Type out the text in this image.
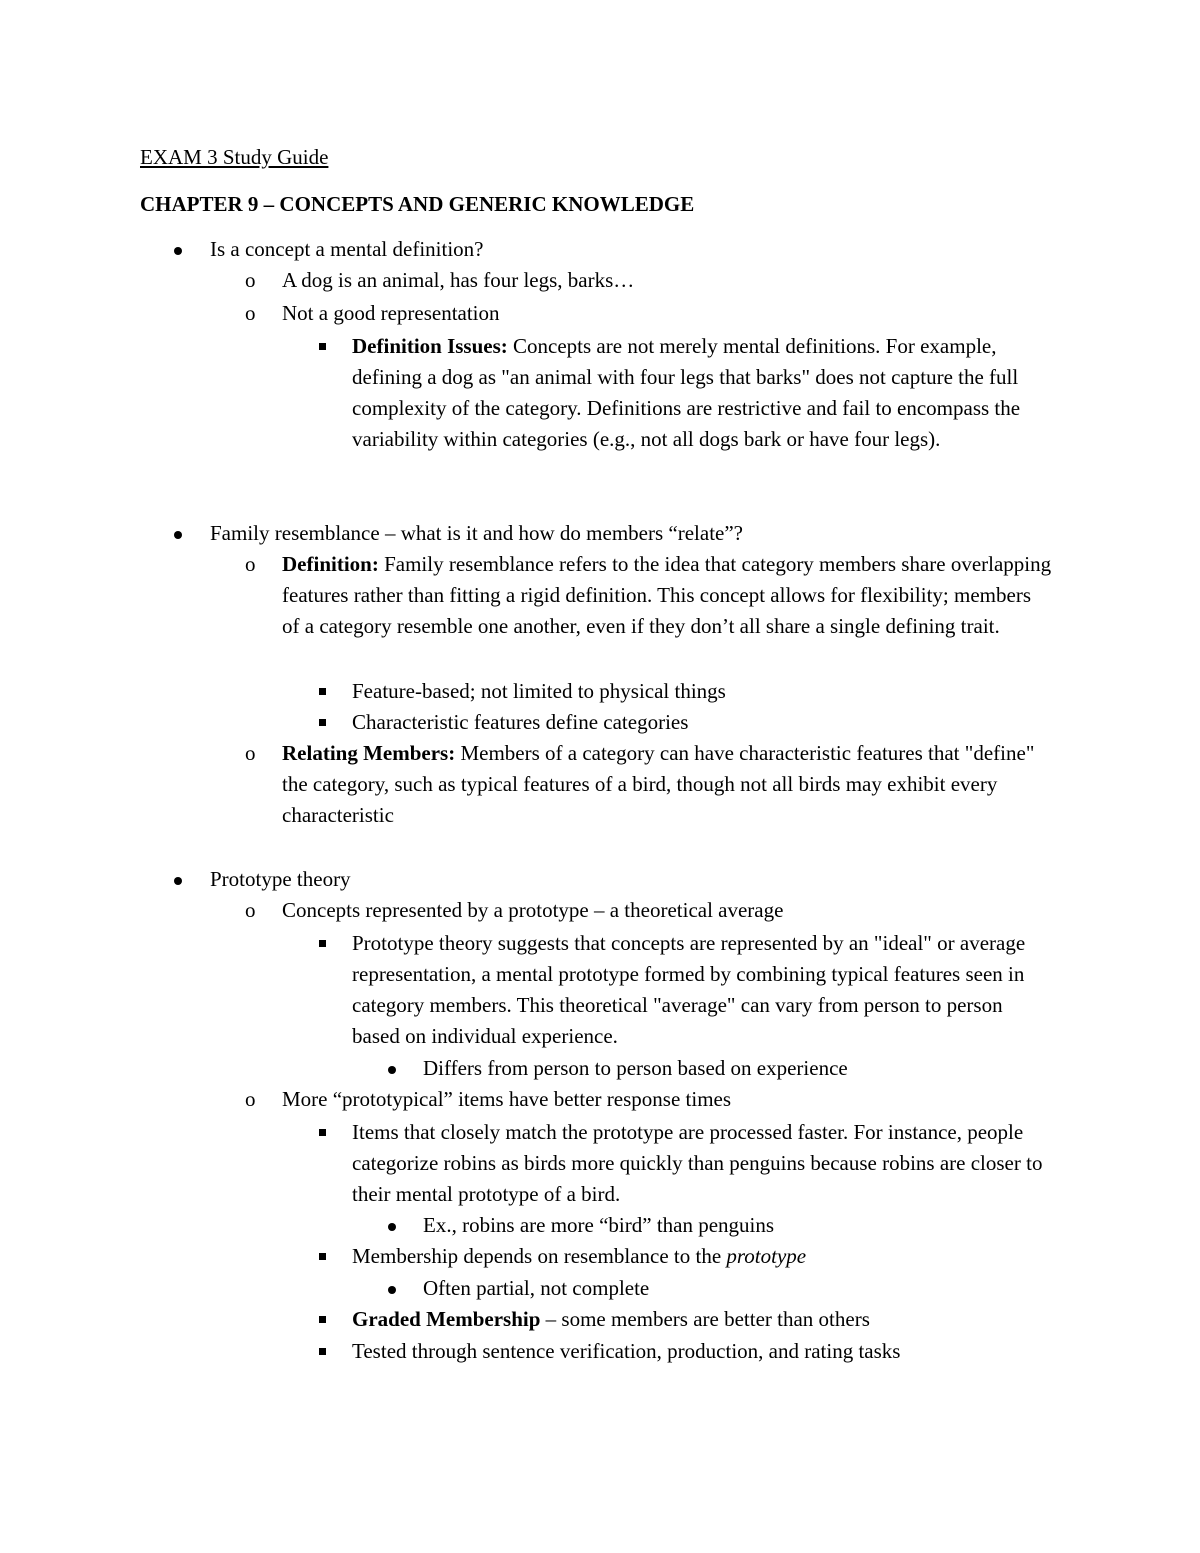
EXAM 3 Study Guide
CHAPTER 9 – CONCEPTS AND GENERIC KNOWLEDGE
Is a concept a mental definition?
o A dog is an animal, has four legs, barks…
o Not a good representation
Definition Issues: Concepts are not merely mental definitions. For example, defining a dog as "an animal with four legs that barks" does not capture the full complexity of the category. Definitions are restrictive and fail to encompass the variability within categories (e.g., not all dogs bark or have four legs).
Family resemblance – what is it and how do members “relate”?
o Definition: Family resemblance refers to the idea that category members share overlapping features rather than fitting a rigid definition. This concept allows for flexibility; members of a category resemble one another, even if they don’t all share a single defining trait.
Feature-based; not limited to physical things
Characteristic features define categories
o Relating Members: Members of a category can have characteristic features that "define" the category, such as typical features of a bird, though not all birds may exhibit every characteristic
Prototype theory
o Concepts represented by a prototype – a theoretical average
Prototype theory suggests that concepts are represented by an "ideal" or average representation, a mental prototype formed by combining typical features seen in category members. This theoretical "average" can vary from person to person based on individual experience.
Differs from person to person based on experience
o More “prototypical” items have better response times
Items that closely match the prototype are processed faster. For instance, people categorize robins as birds more quickly than penguins because robins are closer to their mental prototype of a bird.
Ex., robins are more “bird” than penguins
Membership depends on resemblance to the prototype
Often partial, not complete
Graded Membership – some members are better than others
Tested through sentence verification, production, and rating tasks
